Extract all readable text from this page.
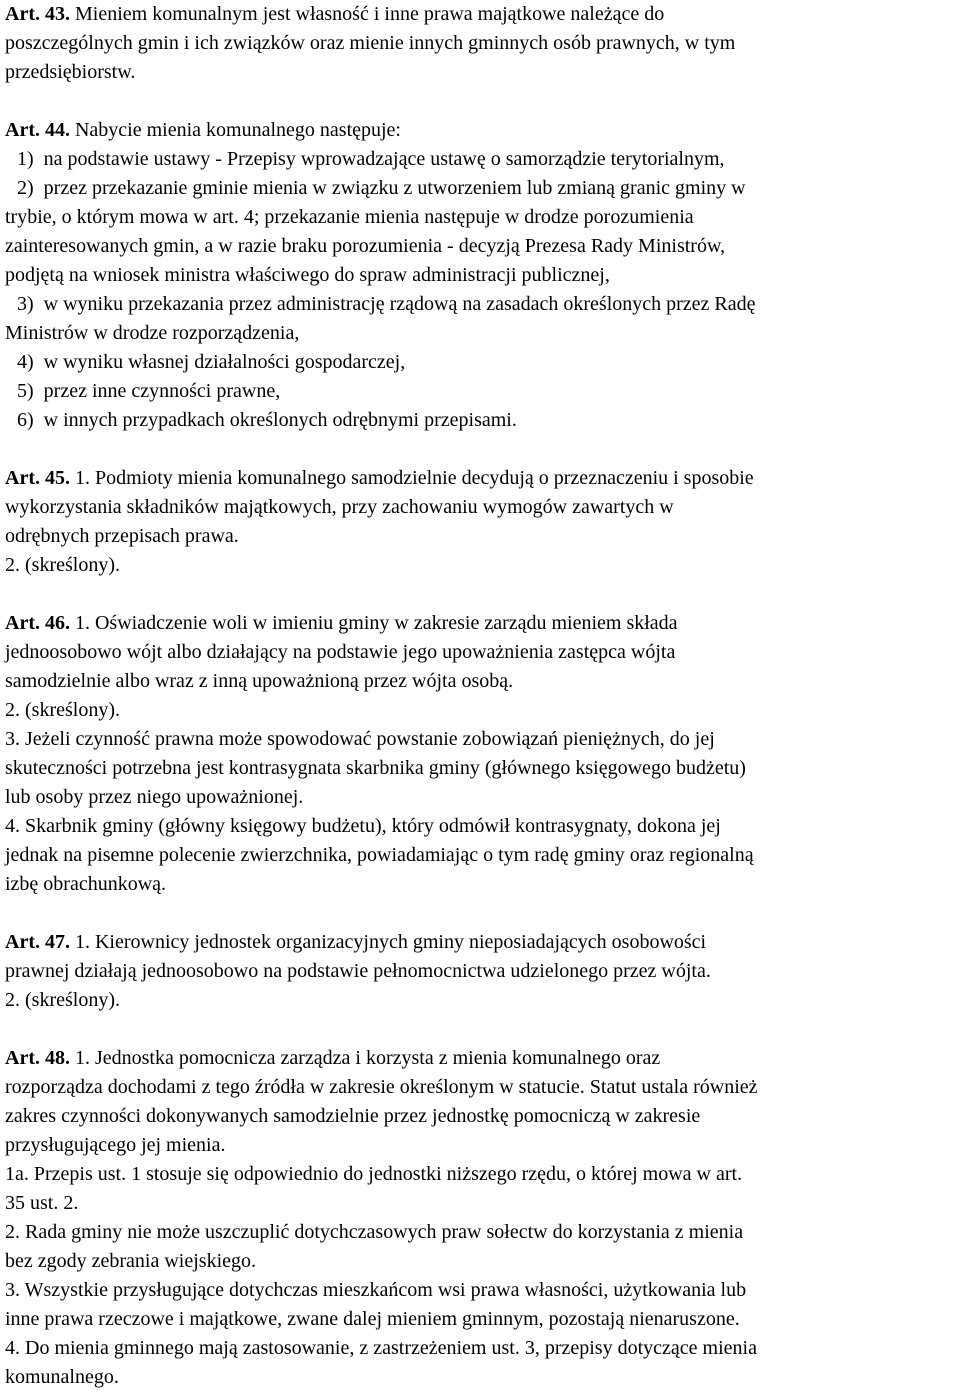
Art. 43. Mieniem komunalnym jest własność i inne prawa majątkowe należące do
poszczególnych gmin i ich związków oraz mienie innych gminnych osób prawnych, w tym
przedsiębiorstw.
Art. 44. Nabycie mienia komunalnego następuje:
1)  na podstawie ustawy - Przepisy wprowadzające ustawę o samorządzie terytorialnym,
2)  przez przekazanie gminie mienia w związku z utworzeniem lub zmianą granic gminy w
trybie, o którym mowa w art. 4; przekazanie mienia następuje w drodze porozumienia
zainteresowanych gmin, a w razie braku porozumienia - decyzją Prezesa Rady Ministrów,
podjętą na wniosek ministra właściwego do spraw administracji publicznej,
3)  w wyniku przekazania przez administrację rządową na zasadach określonych przez Radę
Ministrów w drodze rozporządzenia,
4)  w wyniku własnej działalności gospodarczej,
5)  przez inne czynności prawne,
6)  w innych przypadkach określonych odrębnymi przepisami.
Art. 45. 1. Podmioty mienia komunalnego samodzielnie decydują o przeznaczeniu i sposobie
wykorzystania składników majątkowych, przy zachowaniu wymogów zawartych w
odrębnych przepisach prawa.
2. (skreślony).
Art. 46. 1. Oświadczenie woli w imieniu gminy w zakresie zarządu mieniem składa
jednoosobowo wójt albo działający na podstawie jego upoważnienia zastępca wójta
samodzielnie albo wraz z inną upoważnioną przez wójta osobą.
2. (skreślony).
3. Jeżeli czynność prawna może spowodować powstanie zobowiązań pieniężnych, do jej
skuteczności potrzebna jest kontrasygnata skarbnika gminy (głównego księgowego budżetu)
lub osoby przez niego upoważnionej.
4. Skarbnik gminy (główny księgowy budżetu), który odmówił kontrasygnaty, dokona jej
jednak na pisemne polecenie zwierzchnika, powiadamiając o tym radę gminy oraz regionalną
izbę obrachunkową.
Art. 47. 1. Kierownicy jednostek organizacyjnych gminy nieposiadających osobowości
prawnej działają jednoosobowo na podstawie pełnomocnictwa udzielonego przez wójta.
2. (skreślony).
Art. 48. 1. Jednostka pomocnicza zarządza i korzysta z mienia komunalnego oraz
rozporządza dochodami z tego źródła w zakresie określonym w statucie. Statut ustala również
zakres czynności dokonywanych samodzielnie przez jednostkę pomocniczą w zakresie
przysługującego jej mienia.
1a. Przepis ust. 1 stosuje się odpowiednio do jednostki niższego rzędu, o której mowa w art.
35 ust. 2.
2. Rada gminy nie może uszczuplić dotychczasowych praw sołectw do korzystania z mienia
bez zgody zebrania wiejskiego.
3. Wszystkie przysługujące dotychczas mieszkańcom wsi prawa własności, użytkowania lub
inne prawa rzeczowe i majątkowe, zwane dalej mieniem gminnym, pozostają nienaruszone.
4. Do mienia gminnego mają zastosowanie, z zastrzeżeniem ust. 3, przepisy dotyczące mienia
komunalnego.
